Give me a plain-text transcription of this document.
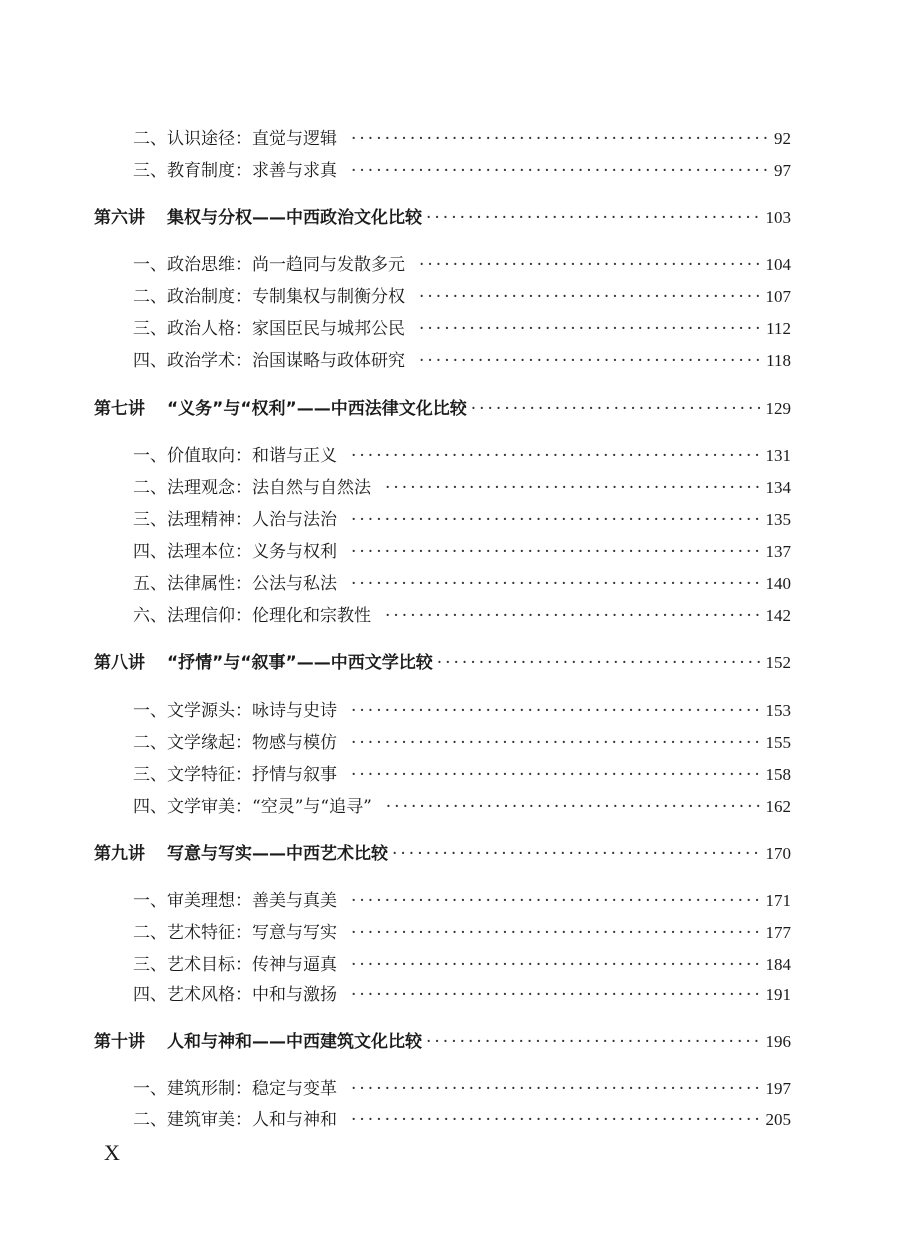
二、 认识途径：直觉与逻辑 ·····	92
三、 教育制度：求善与求真 ·····	97
第六讲 集权与分权——中西政治文化比较 ·····	103
一、 政治思维：尚一趋同与发散多元 ·····	104
二、 政治制度：专制集权与制衡分权 ·····	107
三、 政治人格：家国臣民与城邦公民 ·····	112
四、 政治学术：治国谋略与政体研究 ·····	118
第七讲 “义务”与“权利”——中西法律文化比较 ·····	129
一、 价值取向：和谐与正义 ·····	131
二、 法理观念：法自然与自然法 ·····	134
三、 法理精神：人治与法治 ·····	135
四、 法理本位：义务与权利 ·····	137
五、 法律属性：公法与私法 ·····	140
六、 法理信仰：伦理化和宗教性 ·····	142
第八讲 “抒情”与“叙事”——中西文学比较 ·····	152
一、 文学源头：咏诗与史诗 ·····	153
二、 文学缘起：物感与模仿 ·····	155
三、 文学特征：抒情与叙事 ·····	158
四、 文学审美：“空灵”与“追寻” ·····	162
第九讲 写意与写实——中西艺术比较 ·····	170
一、 审美理想：善美与真美 ·····	171
二、 艺术特征：写意与写实 ·····	177
三、 艺术目标：传神与逼真 ·····	184
四、 艺术风格：中和与激扬 ·····	191
第十讲 人和与神和——中西建筑文化比较 ·····	196
一、 建筑形制：稳定与变革 ·····	197
二、 建筑审美：人和与神和 ·····	205
X
